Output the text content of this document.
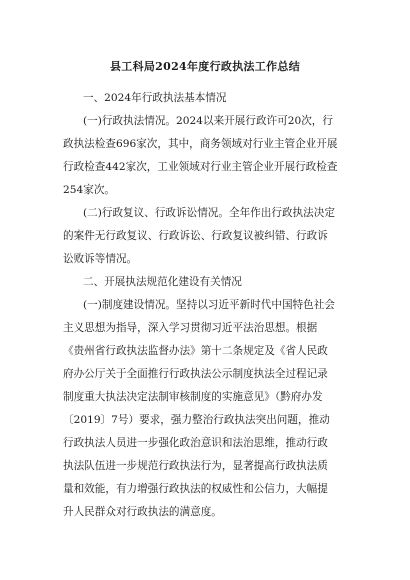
县工科局2024年度行政执法工作总结
一、2024年行政执法基本情况
(一)行政执法情况。2024以来开展行政许可20次，行
政执法检查696家次，其中，商务领域对行业主管企业开展
行政检查442家次，工业领域对行业主管企业开展行政检查
254家次。
(二)行政复议、行政诉讼情况。全年作出行政执法决定
的案件无行政复议、行政诉讼、行政复议被纠错、行政诉
讼败诉等情况。
二、开展执法规范化建设有关情况
(一)制度建设情况。坚持以习近平新时代中国特色社会
主义思想为指导，深入学习贯彻习近平法治思想。根据
《贵州省行政执法监督办法》第十二条规定及《省人民政
府办公厅关于全面推行行政执法公示制度执法全过程记录
制度重大执法决定法制审核制度的实施意见》（黔府办发
〔2019〕7号）要求，强力整治行政执法突出问题，推动
行政执法人员进一步强化政治意识和法治思维，推动行政
执法队伍进一步规范行政执法行为，显著提高行政执法质
量和效能，有力增强行政执法的权威性和公信力，大幅提
升人民群众对行政执法的满意度。
